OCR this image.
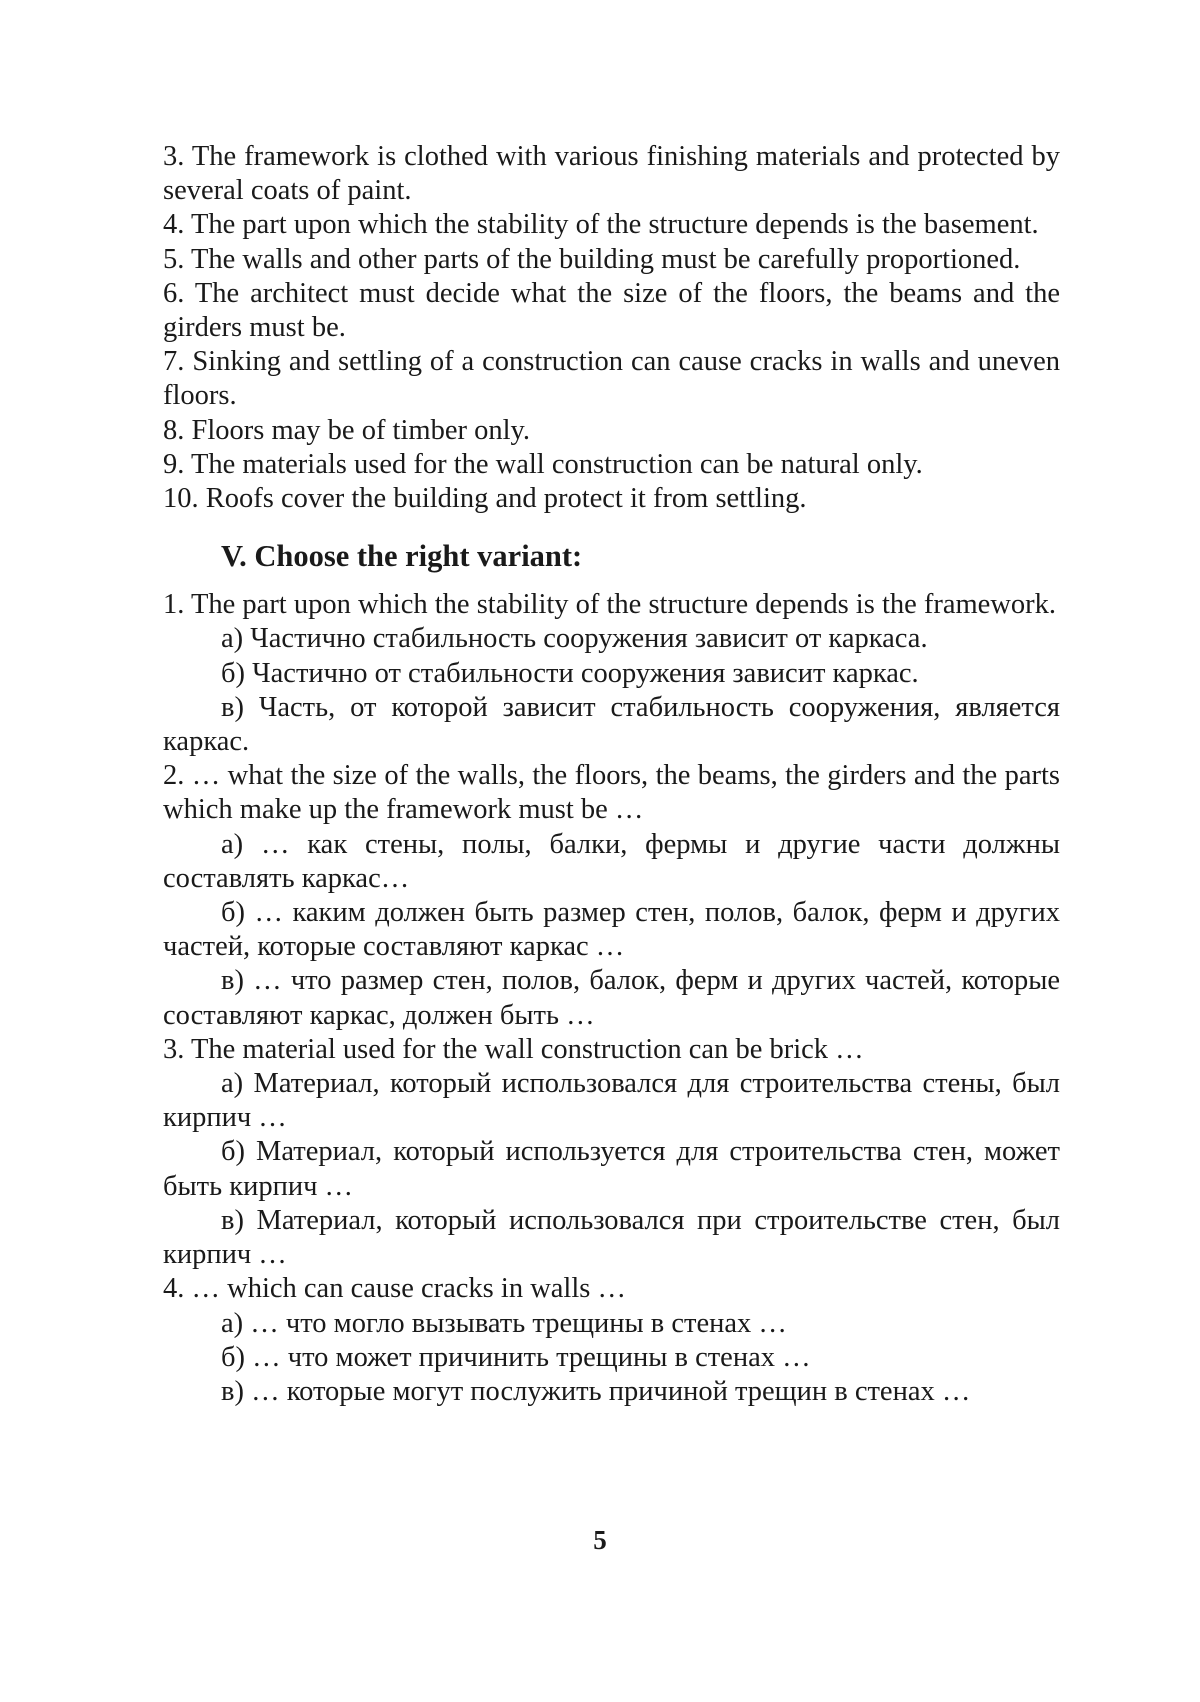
3. The framework is clothed with various finishing materials and protected by several coats of paint.

4. The part upon which the stability of the structure depends is the basement.

5. The walls and other parts of the building must be carefully proportioned.

6. The architect must decide what the size of the floors, the beams and the girders must be.

7. Sinking and settling of a construction can cause cracks in walls and uneven floors.

8. Floors may be of timber only.

9. The materials used for the wall construction can be natural only.

10. Roofs cover the building and protect it from settling.

V. Choose the right variant:

1. The part upon which the stability of the structure depends is the framework.

а) Частично стабильность сооружения зависит от каркаса.

б) Частично от стабильности сооружения зависит каркас.

в) Часть, от которой зависит стабильность сооружения, является каркас.

2. … what the size of the walls, the floors, the beams, the girders and the parts which make up the framework must be …

а) … как стены, полы, балки, фермы и другие части должны составлять каркас…

б) … каким должен быть размер стен, полов, балок, ферм и других частей, которые составляют каркас …

в) … что размер стен, полов, балок, ферм и других частей, которые составляют каркас, должен быть …

3. The material used for the wall construction can be brick …

а) Материал, который использовался для строительства стены, был кирпич …

б) Материал, который используется для строительства стен, может быть кирпич …

в) Материал, который использовался при строительстве стен, был кирпич …

4. … which can cause cracks in walls …

а) … что могло вызывать трещины в стенах …

б) … что может причинить трещины в стенах …

в) … которые могут послужить причиной трещин в стенах …

5
